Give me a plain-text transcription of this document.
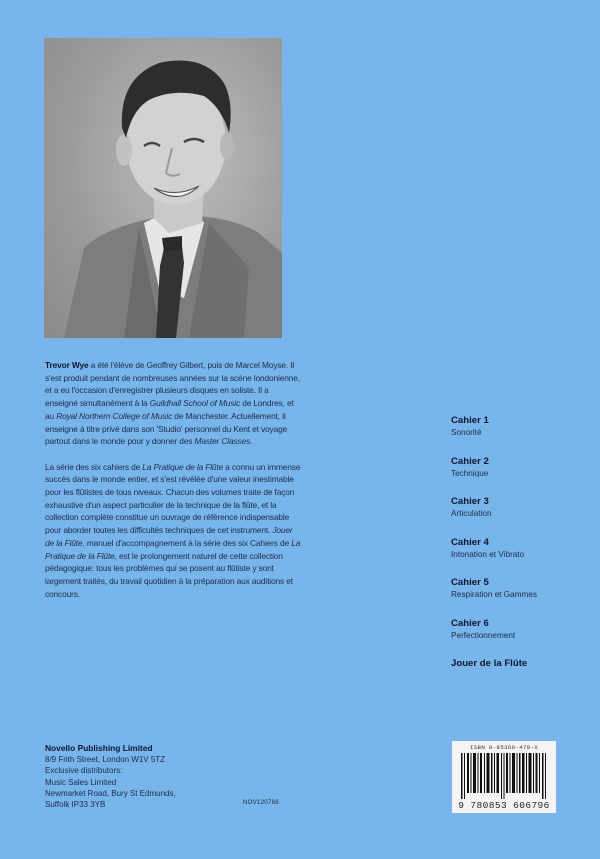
Trevor Wye a été l'élève de Geoffrey Gilbert, puis de Marcel Moyse. Il s'est produit pendant de nombreuses années sur la scène londonienne, et a eu l'occasion d'enregistrer plusieurs disques en soliste. Il a enseigné simultanément à la Guildhall School of Music de Londres, et au Royal Northern College of Music de Manchester. Actuellement, il enseigne à titre privé dans son 'Studio' personnel du Kent et voyage partout dans le monde pour y donner des Master Classes.

La série des six cahiers de La Pratique de la Flûte a connu un immense succès dans le monde entier, et s'est révélée d'une valeur inestimable pour les flûtistes de tous niveaux. Chacun des volumes traite de façon exhaustive d'un aspect particulier de la technique de la flûte, et la collection complète constitue un ouvrage de référence indispensable pour aborder toutes les difficultés techniques de cet instrument. Jouer de la Flûte, manuel d'accompagnement à la série des six Cahiers de La Pratique de la Flûte, est le prolongement naturel de cette collection pédagogique: tous les problèmes qui se posent au flûtiste y sont largement traités, du travail quotidien à la préparation aux auditions et concours.

Cahier 1
Sonorité
Cahier 2
Technique
Cahier 3
Articulation
Cahier 4
Intonation et Vibrato
Cahier 5
Respiration et Gammes
Cahier 6
Perfectionnement
Jouer de la Flûte
Novello Publishing Limited
8/9 Frith Street, London W1V 5TZ
Exclusive distributors:
Music Sales Limited
Newmarket Road, Bury St Edmunds,
Suffolk IP33 3YB	NOV120788
ISBN 0-85360-479-X
9 780853 606796
